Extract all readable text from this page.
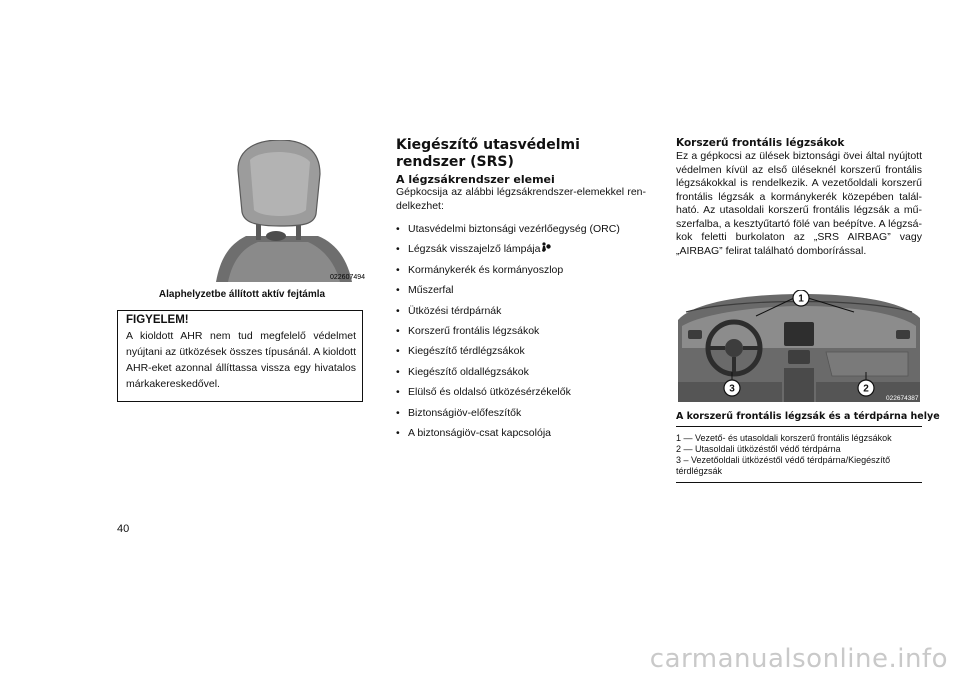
022607494
Alaphelyzetbe állított aktív fejtámla
FIGYELEM!
A kioldott AHR nem tud megfelelő védelmet nyújtani az ütközések összes típusánál. A kioldott AHR-eket azonnal állíttassa vissza egy hivatalos márkakereskedővel.
Kiegészítő utasvédelmi rendszer (SRS)
A légzsákrendszer elemei
Gépkocsija az alábbi légzsákrendszer-elemekkel ren-delkezhet:
• Utasvédelmi biztonsági vezérlőegység (ORC)
• Légzsák visszajelző lámpája
• Kormánykerék és kormányoszlop
• Műszerfal
• Ütközési térdpárnák
• Korszerű frontális légzsákok
• Kiegészítő térdlégzsákok
• Kiegészítő oldallégzsákok
• Elülső és oldalsó ütközésérzékelők
• Biztonságiöv-előfeszítők
• A biztonságiöv-csat kapcsolója
Korszerű frontális légzsákok
Ez a gépkocsi az ülések biztonsági övei által nyújtott védelmen kívül az első üléseknél korszerű frontális légzsákokkal is rendelkezik. A vezetőoldali korszerű frontális légzsák a kormánykerék közepében talál-ható. Az utasoldali korszerű frontális légzsák a mű-szerfalba, a kesztyűtartó fölé van beépítve. A légzsá-kok feletti burkolaton az „SRS AIRBAG” vagy „AIRBAG” felirat található domborírással.
1
2
3
022674387
A korszerű frontális légzsák és a térdpárna helye
1 — Vezető- és utasoldali korszerű frontális légzsákok
2 — Utasoldali ütközéstől védő térdpárna
3 – Vezetőoldali ütközéstől védő térdpárna/Kiegészítő térdlégzsák
40
carmanualsonline.info
